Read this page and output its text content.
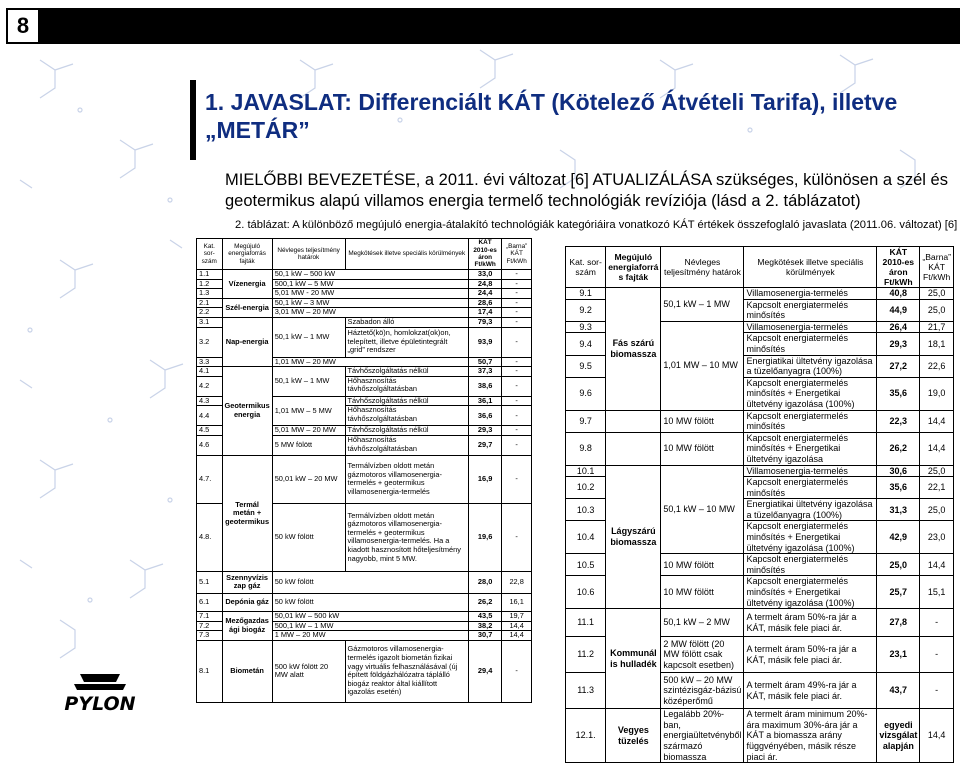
8
1. JAVASLAT: Differenciált KÁT (Kötelező Átvételi Tarifa), illetve
„METÁR”
MIELŐBBI BEVEZETÉSE, a 2011. évi változat [6] ATUALIZÁLÁSA szükséges, különösen a szél és geotermikus alapú villamos energia termelő technológiák revíziója (lásd a 2. táblázatot)
2. táblázat: A különböző megújuló energia-átalakító technológiák kategóriáira vonatkozó KÁT értékek összefoglaló javaslata (2011.06. változat) [6]
Kat. sor-szám	Megújuló energiaforrás fajták	Névleges teljesítmény határok	Megkötések illetve speciális körülmények	KÁT 2010-es áron Ft/kWh	„Barna” KÁT Ft/kWh
1.1	Vízenergia	50,1 kW – 500 kW		33,0	-
1.2		500,1 kW – 5 MW		24,8	-
1.3		5,01 MW - 20 MW		24,4	-
2.1	Szél-energia	50,1 kW – 3 MW		28,6	-
2.2		3,01 MW – 20 MW		17,4	-
3.1	Nap-energia	50,1 kW – 1 MW	Szabadon álló	79,3	-
3.2			Háztető(kö)n, homlokzat(ok)on, telepített, illetve épületintegrált „grid” rendszer	93,9	-
3.3		1,01 MW – 20 MW		50,7	-
4.1	Geotermikus energia	50,1 kW – 1 MW	Távhőszolgáltatás nélkül	37,3	-
4.2			Hőhasznosítás távhőszolgáltatásban	38,6	-
4.3		1,01 MW – 5 MW	Távhőszolgáltatás nélkül	36,1	-
4.4			Hőhasznosítás távhőszolgáltatásban	36,6	-
4.5		5,01 MW – 20 MW	Távhőszolgáltatás nélkül	29,3	-
4.6		5 MW fölött	Hőhasznosítás távhőszolgáltatásban	29,7	-
4.7.	Termál metán + geotermikus	50,01 kW – 20 MW	Termálvízben oldott metán gázmotoros villamosenergia-termelés + geotermikus villamosenergia-termelés	16,9	-
4.8.		50 kW fölött	Termálvízben oldott metán gázmotoros villamosenergia-termelés + geotermikus villamosenergia-termelés. Ha a kiadott hasznosított hőteljesítmény nagyobb, mint 5 MW.	19,6	-
5.1	Szennyvízis zap gáz	50 kW fölött		28,0	22,8
6.1	Depónia gáz	50 kW fölött		26,2	16,1
7.1	Mezőgazdas ági biogáz	50,01 kW – 500 kW		43,5	19,7
7.2		500,1 kW – 1 MW		38,2	14,4
7.3		1 MW – 20 MW		30,7	14,4
8.1	Biometán	500 kW fölött 20 MW alatt	Gázmotoros villamosenergia-termelés igazolt biometán fizikai vagy virtuális felhasználásával (új épített földgázhálózatra táplálló biogáz reaktor által kiállított igazolás esetén)	29,4	-
Kat. sor-szám	Megújuló energiaforrá s fajták	Névleges teljesítmény határok	Megkötések illetve speciális körülmények	KÁT 2010-es áron Ft/kWh	„Barna” KÁT Ft/kWh
9.1	Fás szárú biomassza	50,1 kW – 1 MW	Villamosenergia-termelés	40,8	25,0
9.2			Kapcsolt energiatermelés minősítés	44,9	25,0
9.3		1,01 MW – 10 MW	Villamosenergia-termelés	26,4	21,7
9.4			Kapcsolt energiatermelés minősítés	29,3	18,1
9.5			Energiatikai ültetvény igazolása a tüzelőanyagra (100%)	27,2	22,6
9.6			Kapcsolt energiatermelés minősítés + Energetikai ültetvény igazolása (100%)	35,6	19,0
9.7		10 MW fölött	Kapcsolt energiatermelés minősítés	22,3	14,4
9.8		10 MW fölött	Kapcsolt energiatermelés minősítés + Energetikai ültetvény igazolása	26,2	14,4
10.1	Lágyszárú biomassza	50,1 kW – 10 MW	Villamosenergia-termelés	30,6	25,0
10.2			Kapcsolt energiatermelés minősítés	35,6	22,1
10.3			Energiatikai ültetvény igazolása a tüzelőanyagra (100%)	31,3	25,0
10.4			Kapcsolt energiatermelés minősítés + Energetikai ültetvény igazolása (100%)	42,9	23,0
10.5		10 MW fölött	Kapcsolt energiatermelés minősítés	25,0	14,4
10.6		10 MW fölött	Kapcsolt energiatermelés minősítés + Energetikai ültetvény igazolása (100%)	25,7	15,1
11.1	Kommunál is hulladék	50,1 kW – 2 MW	A termelt áram 50%-ra jár a KÁT, másik fele piaci ár.	27,8	-
11.2		2 MW fölött (20 MW fölött csak kapcsolt esetben)	A termelt áram 50%-ra jár a KÁT, másik fele piaci ár.	23,1	-
11.3		500 kW – 20 MW szintézisgáz-bázisú középerőmű	A termelt áram 49%-ra jár a KÁT, másik fele piaci ár.	43,7	-
12.1.	Vegyes tüzelés	Legalább 20%-ban, energiaültetvényből származó biomassza	A termelt áram minimum 20%-ára maximum 30%-ára jár a KÁT a biomassza arány függvényében, másik része piaci ár.	egyedi vizsgálat alapján	14,4
PYLON
